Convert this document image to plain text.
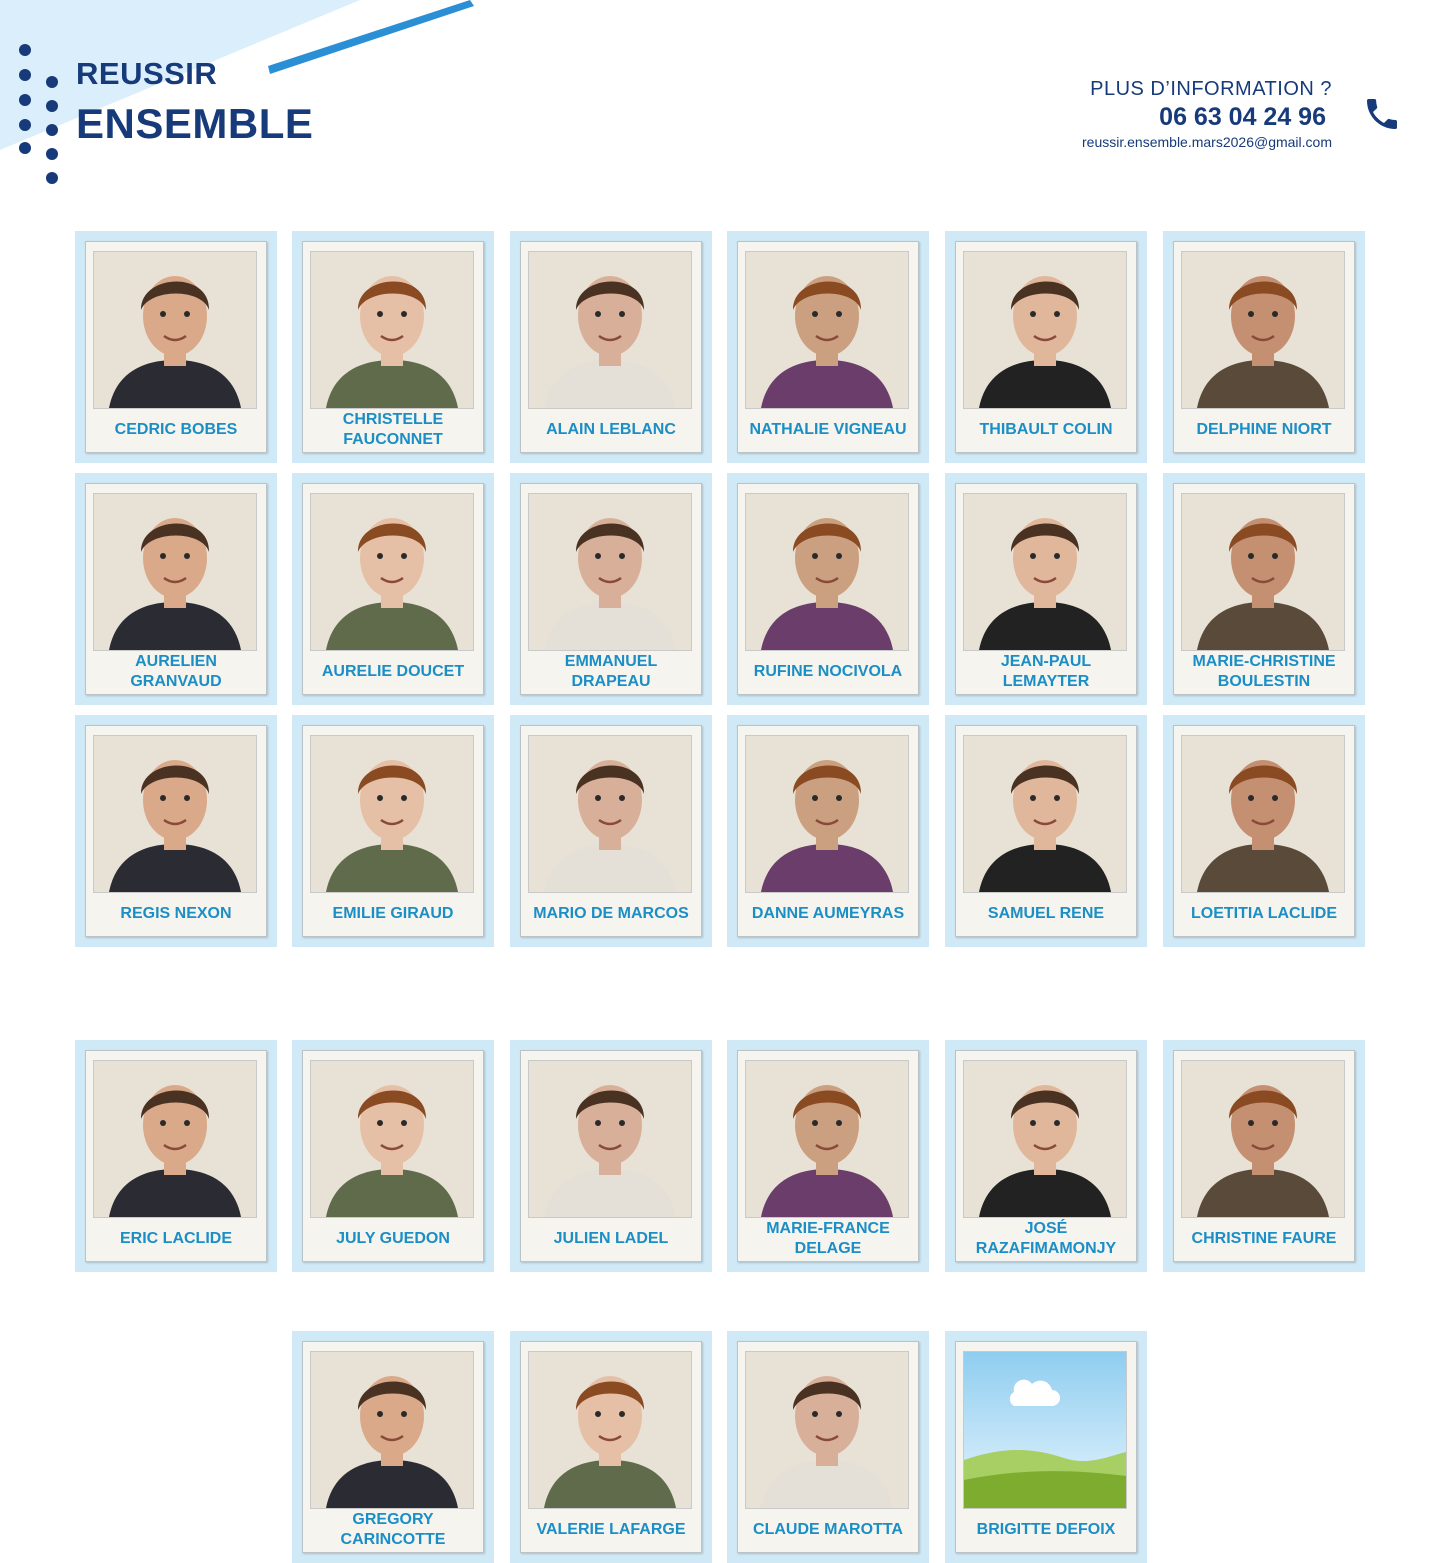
REUSSIR
ENSEMBLE
PLUS D’INFORMATION ?
06 63 04 24 96
reussir.ensemble.mars2026@gmail.com
CEDRIC BOBES
CHRISTELLE FAUCONNET
ALAIN LEBLANC	NATHALIE VIGNEAU	THIBAULT COLIN	DELPHINE NIORT
AURELIEN GRANVAUD
AURELIE DOUCET
EMMANUEL DRAPEAU
RUFINE NOCIVOLA
JEAN-PAUL LEMAYTER
MARIE-CHRISTINE BOULESTIN
REGIS NEXON	EMILIE GIRAUD	MARIO DE MARCOS	DANNE AUMEYRAS	SAMUEL RENE	LOETITIA LACLIDE
ERIC LACLIDE	JULY GUEDON	JULIEN LADEL
MARIE-FRANCE DELAGE
JOSÉ RAZAFIMAMONJY
CHRISTINE FAURE
GREGORY CARINCOTTE
VALERIE LAFARGE	CLAUDE MAROTTA	BRIGITTE DEFOIX
